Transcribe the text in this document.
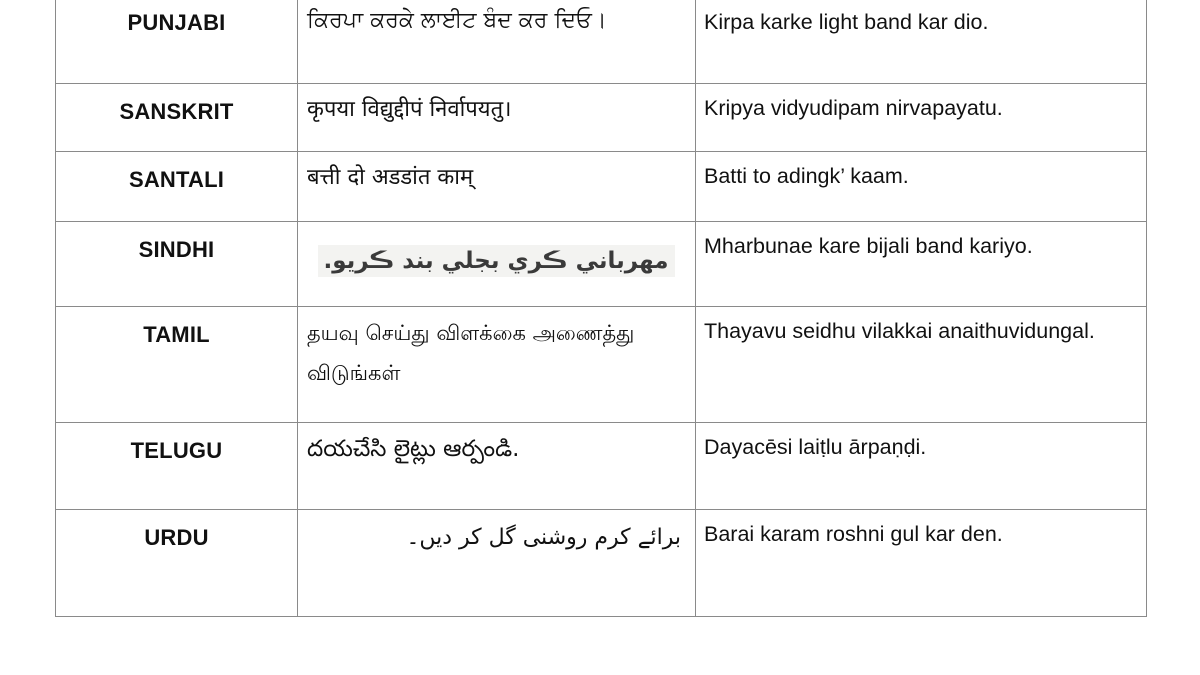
PUNJABI	ਕਿਰਪਾ ਕਰਕੇ ਲਾਈਟ ਬੰਦ ਕਰ ਦਿਓ।	Kirpa karke light band kar dio.

SANSKRIT	कृपया विद्युद्दीपं निर्वापयतु।	Kripya vidyudipam nirvapayatu.

SANTALI	बत्ती दो अडडांत काम्	Batti to adingk’ kaam.

SINDHI	مهرباني ڪري بجلي بند ڪريو.	Mharbunae kare bijali band kariyo.

TAMIL	தயவு செய்து விளக்கை அணைத்து விடுங்கள்	Thayavu seidhu vilakkai anaithuvidungal.

TELUGU	దయచేసి లైట్లు ఆర్పండి.	Dayacēsi laiṭlu ārpaṇḍi.

URDU	برائے کرم روشنی گل کر دیں۔	Barai karam roshni gul kar den.
